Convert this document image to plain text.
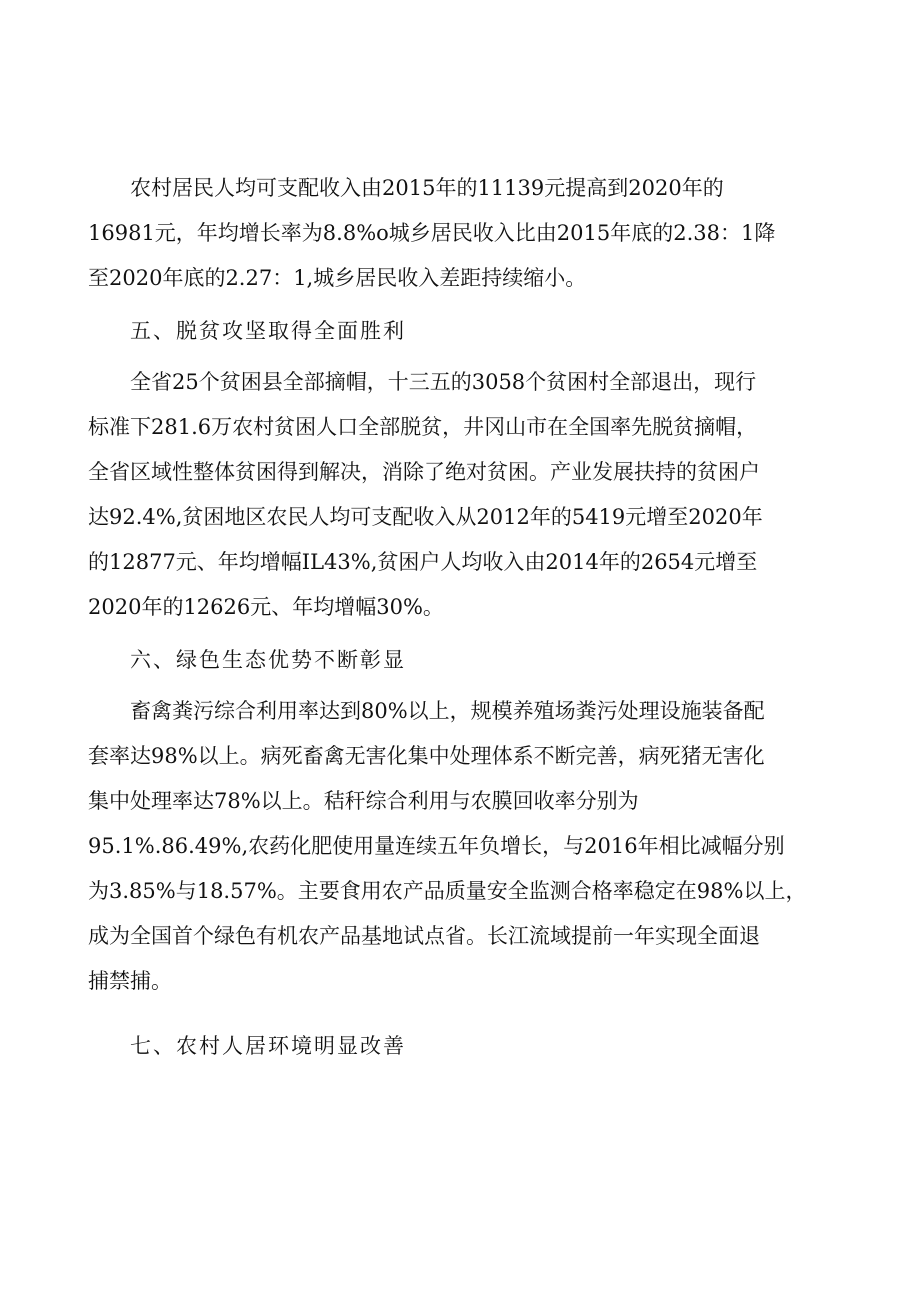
农村居民人均可支配收入由2015年的11139元提高到2020年的
16981元，年均增长率为8.8%o城乡居民收入比由2015年底的2.38：1降
至2020年底的2.27：1,城乡居民收入差距持续缩小。

五、脱贫攻坚取得全面胜利

全省25个贫困县全部摘帽，十三五的3058个贫困村全部退出，现行
标准下281.6万农村贫困人口全部脱贫，井冈山市在全国率先脱贫摘帽，
全省区域性整体贫困得到解决，消除了绝对贫困。产业发展扶持的贫困户
达92.4%,贫困地区农民人均可支配收入从2012年的5419元增至2020年
的12877元、年均增幅IL43%,贫困户人均收入由2014年的2654元增至
2020年的12626元、年均增幅30%。

六、绿色生态优势不断彰显

畜禽粪污综合利用率达到80%以上，规模养殖场粪污处理设施装备配
套率达98%以上。病死畜禽无害化集中处理体系不断完善，病死猪无害化
集中处理率达78%以上。秸秆综合利用与农膜回收率分别为
95.1%.86.49%,农药化肥使用量连续五年负增长，与2016年相比减幅分别
为3.85%与18.57%。主要食用农产品质量安全监测合格率稳定在98%以上，
成为全国首个绿色有机农产品基地试点省。长江流域提前一年实现全面退
捕禁捕。

七、农村人居环境明显改善
